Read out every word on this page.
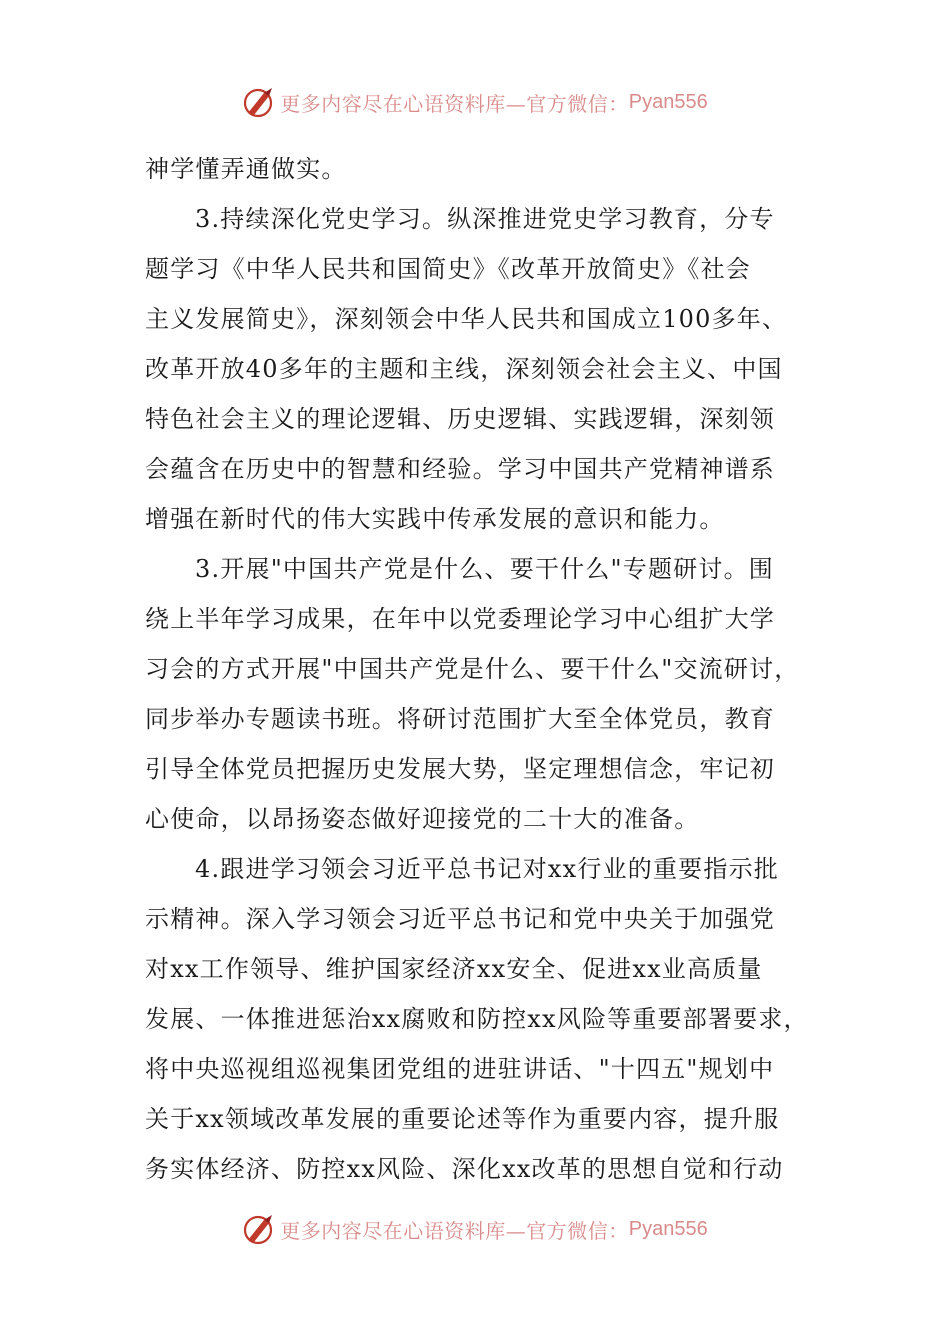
更多内容尽在心语资料库—官方微信： Pyan556
神学懂弄通做实。
3.持续深化党史学习。纵深推进党史学习教育，分专
题学习《中华人民共和国简史》《改革开放简史》《社会
主义发展简史》，深刻领会中华人民共和国成立100多年、
改革开放40多年的主题和主线，深刻领会社会主义、中国
特色社会主义的理论逻辑、历史逻辑、实践逻辑，深刻领
会蕴含在历史中的智慧和经验。学习中国共产党精神谱系
增强在新时代的伟大实践中传承发展的意识和能力。
3.开展"中国共产党是什么、要干什么"专题研讨。围
绕上半年学习成果，在年中以党委理论学习中心组扩大学
习会的方式开展"中国共产党是什么、要干什么"交流研讨，
同步举办专题读书班。将研讨范围扩大至全体党员，教育
引导全体党员把握历史发展大势，坚定理想信念，牢记初
心使命，以昂扬姿态做好迎接党的二十大的准备。
4.跟进学习领会习近平总书记对xx行业的重要指示批
示精神。深入学习领会习近平总书记和党中央关于加强党
对xx工作领导、维护国家经济xx安全、促进xx业高质量
发展、一体推进惩治xx腐败和防控xx风险等重要部署要求，
将中央巡视组巡视集团党组的进驻讲话、"十四五"规划中
关于xx领域改革发展的重要论述等作为重要内容，提升服
务实体经济、防控xx风险、深化xx改革的思想自觉和行动
更多内容尽在心语资料库—官方微信： Pyan556
